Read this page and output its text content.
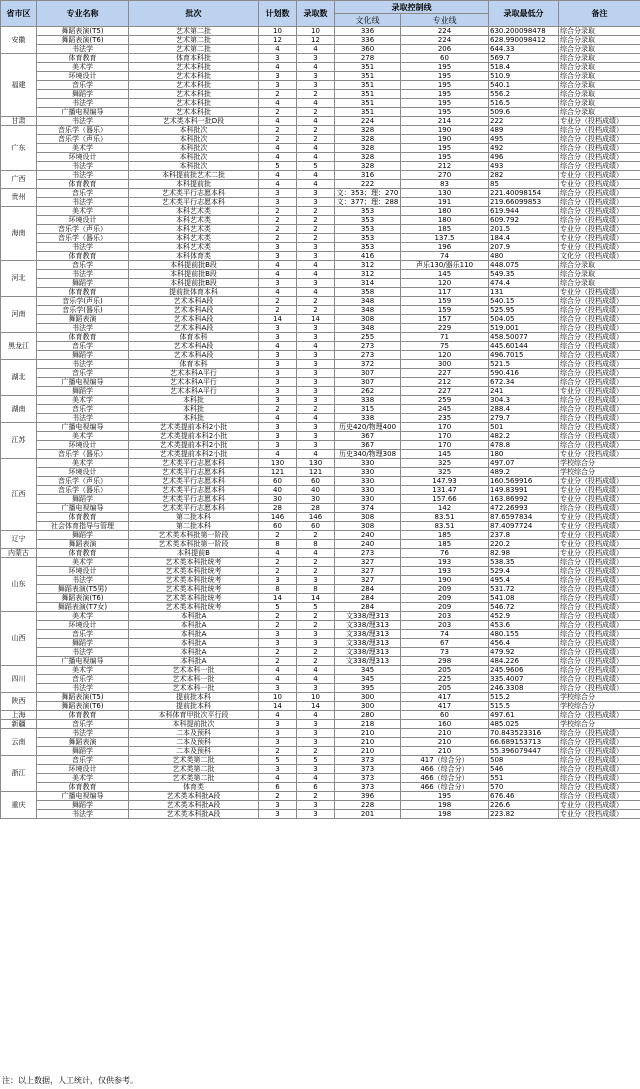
省市区	专业名称	批次	计划数	录取数	录取控制线		录取最低分	备注
					文化线	专业线		
安徽	舞蹈表演(T5)	艺术第二批	10	10	336	224	630.200098478	综合分录取
	舞蹈表演(T6)	艺术第二批	12	12	336	224	628.990098412	综合分录取
	书法学	艺术第二批	4	4	360	206	644.33	综合分录取
福建	体育教育	体育本科批	3	3	278	60	569.7	综合分录取
	美术学	艺术本科批	4	4	351	195	518.4	综合分录取
	环境设计	艺术本科批	3	3	351	195	510.9	综合分录取
	音乐学	艺术本科批	3	3	351	195	540.1	综合分录取
	舞蹈学	艺术本科批	2	2	351	195	556.2	综合分录取
	书法学	艺术本科批	4	4	351	195	516.5	综合分录取
	广播电视编导	艺术本科批	2	2	351	195	509.6	综合分录取
甘肃	书法学	艺术类本科一批D段	4	4	224	214	222	专业分（投档成绩）
广东	音乐学（器乐）	本科批次	2	2	328	190	489	综合分（投档成绩）
	音乐学（声乐）	本科批次	2	2	328	190	495	综合分（投档成绩）
	美术学	本科批次	4	4	328	195	492	综合分（投档成绩）
	环境设计	本科批次	4	4	328	195	496	综合分（投档成绩）
	书法学	本科批次	5	5	328	212	493	综合分（投档成绩）
广西	书法学	本科提前批艺术二批	4	4	316	270	282	专业分（投档成绩）
	体育教育	本科提前批	4	4	222	83	85	专业分（投档成绩）
贵州	音乐学	艺术类平行志愿本科	3	3	文：353；理：270	130	221.40098154	综合分（投档成绩）
	书法学	艺术类平行志愿本科	3	3	文：377；理：288	191	219.66099853	综合分（投档成绩）
海南	美术学	本科艺术类	2	2	353	180	619.944	综合分（投档成绩）
	环境设计	本科艺术类	2	2	353	180	609.792	综合分（投档成绩）
	音乐学（声乐）	本科艺术类	2	2	353	185	201.5	专业分（投档成绩）
	音乐学（器乐）	本科艺术类	2	2	353	137.5	184.4	专业分（投档成绩）
	书法学	本科艺术类	3	3	353	196	207.9	专业分（投档成绩）
	体育教育	本科体育类	3	3	416	74	480	文化分（投档成绩）
河北	音乐学	本科提前批B段	4	4	312	声乐130/器乐110	448.075	综合分录取
	书法学	本科提前批B段	4	4	312	145	549.35	综合分录取
	舞蹈学	本科提前批B段	3	3	314	120	474.4	综合分录取
	体育教育	提前批体育本科	4	4	358	117	131	专业分（投档成绩）
河南	音乐学(声乐)	艺术本科A段	2	2	348	159	540.15	综合分（投档成绩）
	音乐学(器乐)	艺术本科A段	2	2	348	159	525.95	综合分（投档成绩）
	舞蹈表演	艺术本科A段	14	14	308	157	504.05	综合分（投档成绩）
	书法学	艺术本科A段	3	3	348	229	519.001	综合分（投档成绩）
黑龙江	体育教育	体育本科	3	3	255	71	458.50077	综合分（投档成绩）
	音乐学	艺术本科A段	4	4	273	75	445.60144	综合分（投档成绩）
	舞蹈学	艺术本科A段	3	3	273	120	496.7015	综合分（投档成绩）
湖北	书法学	体育本科	3	3	372	300	521.5	综合分（投档成绩）
	音乐学	艺术本科A平行	3	3	307	227	590.416	综合分（投档成绩）
	广播电视编导	艺术本科A平行	3	3	307	212	672.34	综合分（投档成绩）
	舞蹈学	艺术本科A平行	3	3	262	227	241	专业分（投档成绩）
湖南	美术学	本科批	3	3	338	259	304.3	综合分（投档成绩）
	音乐学	本科批	2	2	315	245	288.4	综合分（投档成绩）
	书法学	本科批	4	4	338	235	279.7	综合分（投档成绩）
江苏	广播电视编导	艺术类提前本科2小批	3	3	历史420/物理400	170	501	综合分（投档成绩）
	美术学	艺术类提前本科2小批	3	3	367	170	482.2	综合分（投档成绩）
	环境设计	艺术类提前本科2小批	3	3	367	170	478.8	综合分（投档成绩）
	音乐学（器乐）	艺术类提前本科2小批	4	4	历史340/物理308	145	180	专业分（投档成绩）
江西	美术学	艺术类平行志愿本科	130	130	330	325	497.07	学校综合分
	环境设计	艺术类平行志愿本科	121	121	330	325	489.2	学校综合分
	音乐学（声乐）	艺术类平行志愿本科	60	60	330	147.93	160.569916	专业分（投档成绩）
	音乐学（器乐）	艺术类平行志愿本科	40	40	330	131.47	149.83991	专业分（投档成绩）
	舞蹈学	艺术类平行志愿本科	30	30	330	157.66	163.86992	专业分（投档成绩）
	广播电视编导	艺术类平行志愿本科	28	28	374	142	472.26993	综合分（投档成绩）
	体育教育	第二批本科	146	146	308	83.51	87.6597834	专业分（投档成绩）
	社会体育指导与管理	第二批本科	60	60	308	83.51	87.4097724	专业分（投档成绩）
辽宁	舞蹈学	艺术类本科批第一阶段	2	2	240	185	237.8	专业分（投档成绩）
	舞蹈表演	艺术类本科批第一阶段	8	8	240	185	220.2	专业分（投档成绩）
内蒙古	体育教育	本科提前B	4	4	273	76	82.98	专业分（投档成绩）
山东	美术学	艺术类本科批统考	2	2	327	193	538.35	综合分（投档成绩）
	环境设计	艺术类本科批统考	2	2	327	193	529.4	综合分（投档成绩）
	书法学	艺术类本科批统考	3	3	327	190	495.4	综合分（投档成绩）
	舞蹈表演(T5男)	艺术类本科批统考	8	8	284	209	531.72	综合分（投档成绩）
	舞蹈表演(T6)	艺术类本科批统考	14	14	284	209	541.08	综合分（投档成绩）
	舞蹈表演(T7女)	艺术类本科批统考	5	5	284	209	546.72	综合分（投档成绩）
山西	美术学	本科批A	2	2	文338/理313	203	452.9	综合分（投档成绩）
	环境设计	本科批A	2	2	文338/理313	203	453.6	综合分（投档成绩）
	音乐学	本科批A	3	3	文338/理313	74	480.155	综合分（投档成绩）
	舞蹈学	本科批A	3	3	文338/理313	67	456.4	综合分（投档成绩）
	书法学	本科批A	2	2	文338/理313	73	479.92	综合分（投档成绩）
	广播电视编导	本科批A	2	2	文338/理313	298	484.226	综合分（投档成绩）
四川	美术学	艺术本科一批	4	4	345	205	245.9606	综合分（投档成绩）
	音乐学	艺术本科一批	4	4	345	225	335.4007	综合分（投档成绩）
	书法学	艺术本科一批	3	3	395	205	246.3308	综合分（投档成绩）
陕西	舞蹈表演(T5)	提前批本科	10	10	300	417	515.2	学校综合分
	舞蹈表演(T6)	提前批本科	14	14	300	417	515.5	学校综合分
上海	体育教育	本科体育甲批次平行段	4	4	280	60	497.61	综合分（投档成绩）
新疆	音乐学	本科提前批次	3	3	218	160	485.025	学校综合分
云南	书法学	二本及预科	3	3	210	210	70.843523316	综合分（投档成绩）
	舞蹈表演	二本及预科	3	3	210	210	66.689153713	综合分（投档成绩）
	舞蹈学	二本及预科	2	2	210	210	55.396079447	综合分（投档成绩）
浙江	音乐学	艺术类第二批	5	5	373	417（综合分）	508	综合分（投档成绩）
	环境设计	艺术类第二批	3	3	373	466（综合分）	546	综合分（投档成绩）
	美术学	艺术类第二批	4	4	373	466（综合分）	551	综合分（投档成绩）
	体育教育	体育类	6	6	373	466（综合分）	570	综合分（投档成绩）
重庆	广播电视编导	艺术类本科批A段	2	2	396	195	676.46	综合分（投档成绩）
	舞蹈学	艺术类本科批A段	3	3	228	198	226.6	专业分（投档成绩）
	书法学	艺术类本科批A段	3	3	201	198	223.82	专业分（投档成绩）
注：以上数据，人工统计，仅供参考。
